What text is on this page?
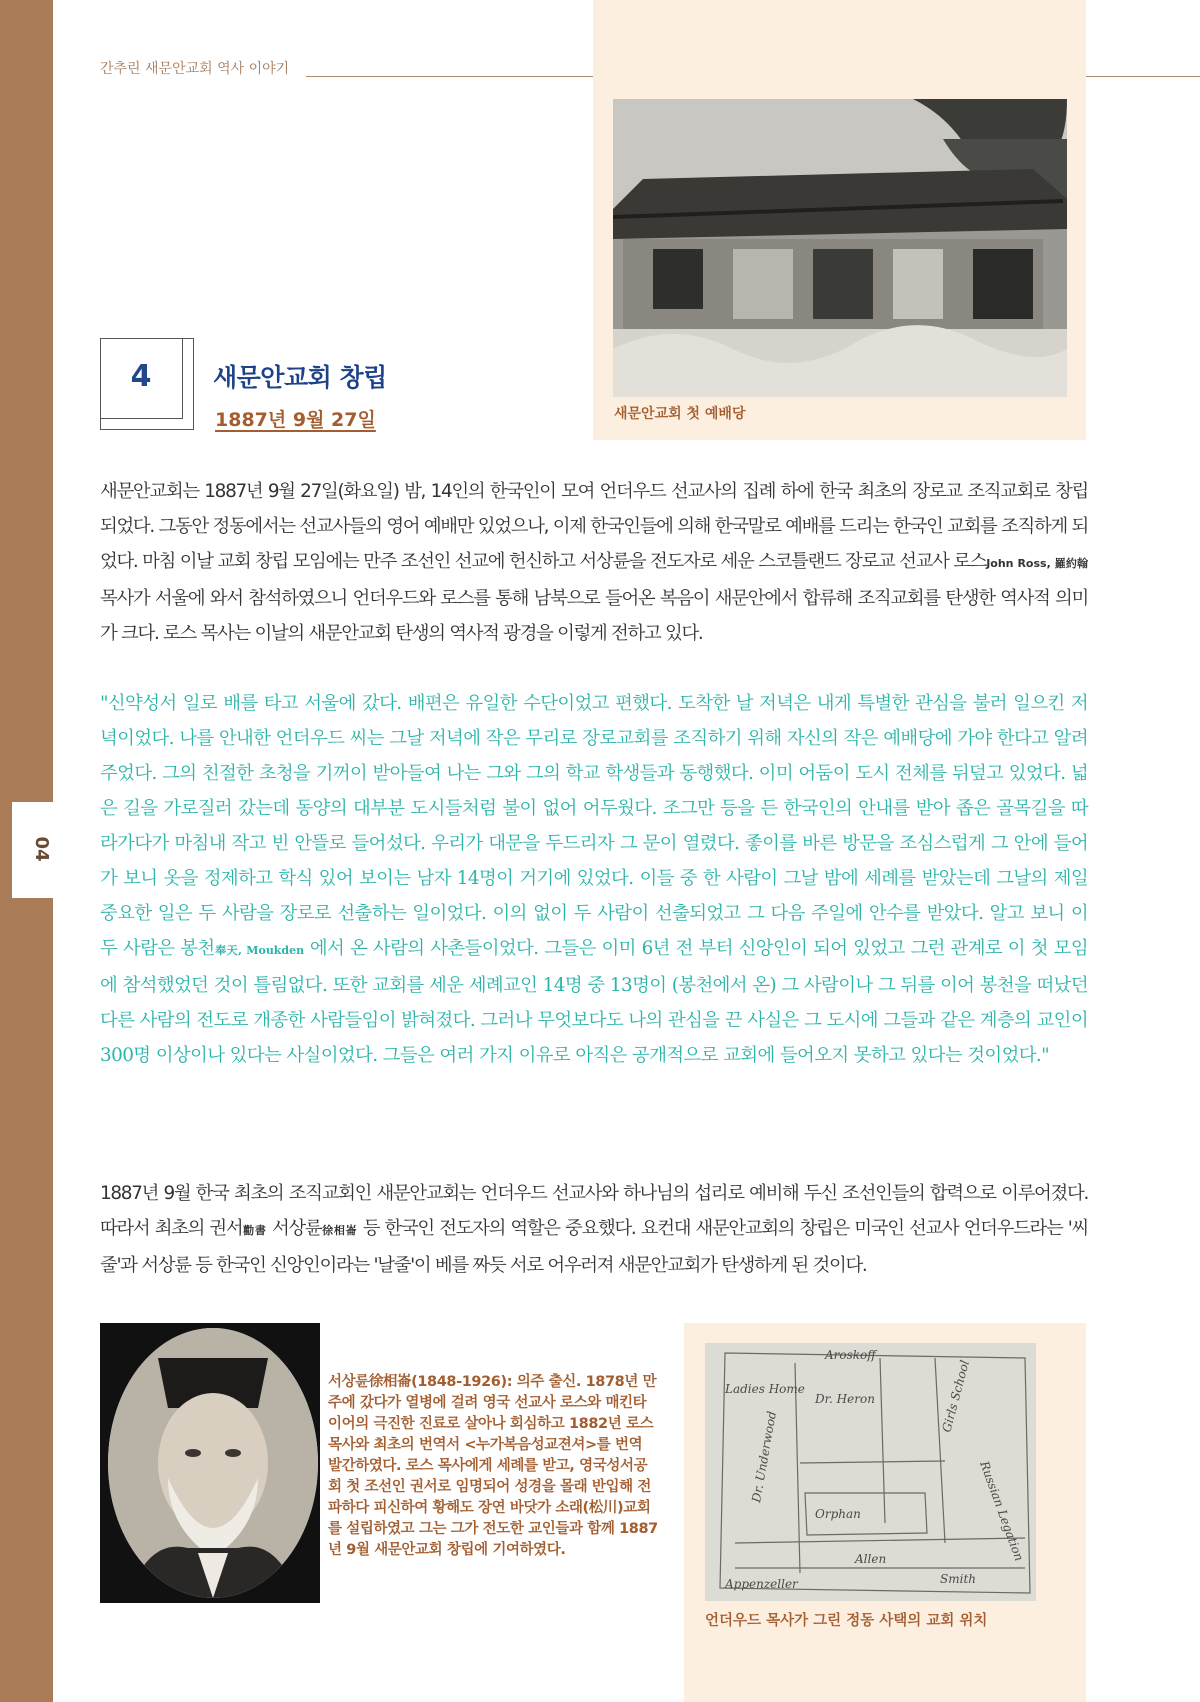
04
간추린 새문안교회 역사 이야기
새문안교회 첫 예배당
4	새문안교회 창립
1887년 9월 27일

새문안교회는 1887년 9월 27일(화요일) 밤, 14인의 한국인이 모여 언더우드 선교사의 집례 하에 한국 최초의 장로교 조직교회로 창립되었다. 그동안 정동에서는 선교사들의 영어 예배만 있었으나, 이제 한국인들에 의해 한국말로 예배를 드리는 한국인 교회를 조직하게 되었다. 마침 이날 교회 창립 모임에는 만주 조선인 선교에 헌신하고 서상륜을 전도자로 세운 스코틀랜드 장로교 선교사 로스John Ross, 羅約翰 목사가 서울에 와서 참석하였으니 언더우드와 로스를 통해 남북으로 들어온 복음이 새문안에서 합류해 조직교회를 탄생한 역사적 의미가 크다. 로스 목사는 이날의 새문안교회 탄생의 역사적 광경을 이렇게 전하고 있다.

"신약성서 일로 배를 타고 서울에 갔다. 배편은 유일한 수단이었고 편했다. 도착한 날 저녁은 내게 특별한 관심을 불러 일으킨 저녁이었다. 나를 안내한 언더우드 씨는 그날 저녁에 작은 무리로 장로교회를 조직하기 위해 자신의 작은 예배당에 가야 한다고 알려주었다. 그의 친절한 초청을 기꺼이 받아들여 나는 그와 그의 학교 학생들과 동행했다. 이미 어둠이 도시 전체를 뒤덮고 있었다. 넓은 길을 가로질러 갔는데 동양의 대부분 도시들처럼 불이 없어 어두웠다. 조그만 등을 든 한국인의 안내를 받아 좁은 골목길을 따라가다가 마침내 작고 빈 안뜰로 들어섰다. 우리가 대문을 두드리자 그 문이 열렸다. 좋이를 바른 방문을 조심스럽게 그 안에 들어가 보니 옷을 정제하고 학식 있어 보이는 남자 14명이 거기에 있었다. 이들 중 한 사람이 그날 밤에 세례를 받았는데 그날의 제일 중요한 일은 두 사람을 장로로 선출하는 일이었다. 이의 없이 두 사람이 선출되었고 그 다음 주일에 안수를 받았다. 알고 보니 이 두 사람은 봉천奉天, Moukden 에서 온 사람의 사촌들이었다. 그들은 이미 6년 전 부터 신앙인이 되어 있었고 그런 관계로 이 첫 모임에 참석했었던 것이 틀림없다. 또한 교회를 세운 세례교인 14명 중 13명이 (봉천에서 온) 그 사람이나 그 뒤를 이어 봉천을 떠났던 다른 사람의 전도로 개종한 사람들임이 밝혀졌다. 그러나 무엇보다도 나의 관심을 끈 사실은 그 도시에 그들과 같은 계층의 교인이 300명 이상이나 있다는 사실이었다. 그들은 여러 가지 이유로 아직은 공개적으로 교회에 들어오지 못하고 있다는 것이었다."

1887년 9월 한국 최초의 조직교회인 새문안교회는 언더우드 선교사와 하나님의 섭리로 예비해 두신 조선인들의 합력으로 이루어졌다. 따라서 최초의 권서勸書 서상륜徐相崙 등 한국인 전도자의 역할은 중요했다. 요컨대 새문안교회의 창립은 미국인 선교사 언더우드라는 '씨줄'과 서상륜 등 한국인 신앙인이라는 '날줄'이 베를 짜듯 서로 어우러져 새문안교회가 탄생하게 된 것이다.

서상륜徐相崙(1848-1926): 의주 출신. 1878년 만주에 갔다가 열병에 걸려 영국 선교사 로스와 매킨타이어의 극진한 진료로 살아나 회심하고 1882년 로스 목사와 최초의 번역서 <누가복음성교젼셔>를 번역 발간하였다. 로스 목사에게 세례를 받고, 영국성서공회 첫 조선인 권서로 임명되어 성경을 몰래 반입해 전파하다 피신하여 황해도 장연 바닷가 소래(松川)교회를 설립하였고 그는 그가 전도한 교인들과 함께 1887년 9월 새문안교회 창립에 기여하였다.

Aroskoff
Ladies Home	Girls School
Dr. Underwood
Dr. Heron
Allen
Smith
Orphan	Russian Legation
Appenzeller
언더우드 목사가 그린 정동 사택의 교회 위치
